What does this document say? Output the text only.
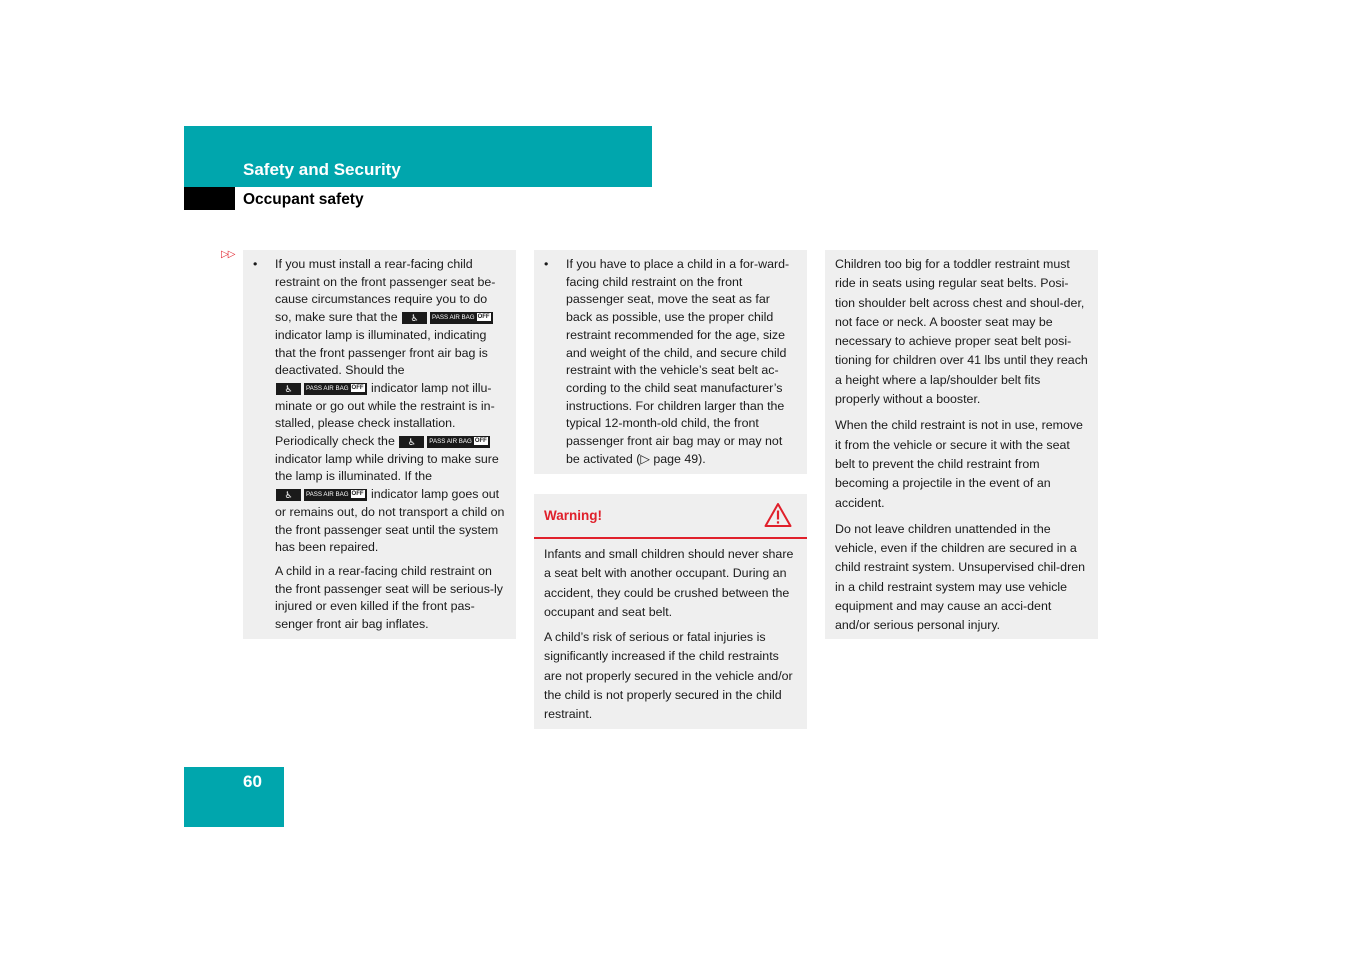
Safety and Security
Occupant safety
▷▷

• If you must install a rear-facing child restraint on the front passenger seat be-cause circumstances require you to do so, make sure that the ♿ PASS AIR BAG OFF indicator lamp is illuminated, indicating that the front passenger front air bag is deactivated. Should the
♿ PASS AIR BAG OFF indicator lamp not illu-minate or go out while the restraint is in-stalled, please check installation. Periodically check the ♿ PASS AIR BAG OFF indicator lamp while driving to make sure the lamp is illuminated. If the
♿ PASS AIR BAG OFF indicator lamp goes out or remains out, do not transport a child on the front passenger seat until the system has been repaired.

A child in a rear-facing child restraint on the front passenger seat will be serious-ly injured or even killed if the front pas-senger front air bag inflates.

• If you have to place a child in a for-ward-facing child restraint on the front passenger seat, move the seat as far back as possible, use the proper child restraint recommended for the age, size and weight of the child, and secure child restraint with the vehicle’s seat belt ac-cording to the child seat manufacturer’s instructions. For children larger than the typical 12-month-old child, the front passenger front air bag may or may not be activated (▷ page 49).

Warning!

Infants and small children should never share a seat belt with another occupant. During an accident, they could be crushed between the occupant and seat belt.

A child’s risk of serious or fatal injuries is significantly increased if the child restraints are not properly secured in the vehicle and/or the child is not properly secured in the child restraint.

Children too big for a toddler restraint must ride in seats using regular seat belts. Posi-tion shoulder belt across chest and shoul-der, not face or neck. A booster seat may be necessary to achieve proper seat belt posi-tioning for children over 41 lbs until they reach a height where a lap/shoulder belt fits properly without a booster.

When the child restraint is not in use, remove it from the vehicle or secure it with the seat belt to prevent the child restraint from becoming a projectile in the event of an accident.

Do not leave children unattended in the vehicle, even if the children are secured in a child restraint system. Unsupervised chil-dren in a child restraint system may use vehicle equipment and may cause an acci-dent and/or serious personal injury.

60
